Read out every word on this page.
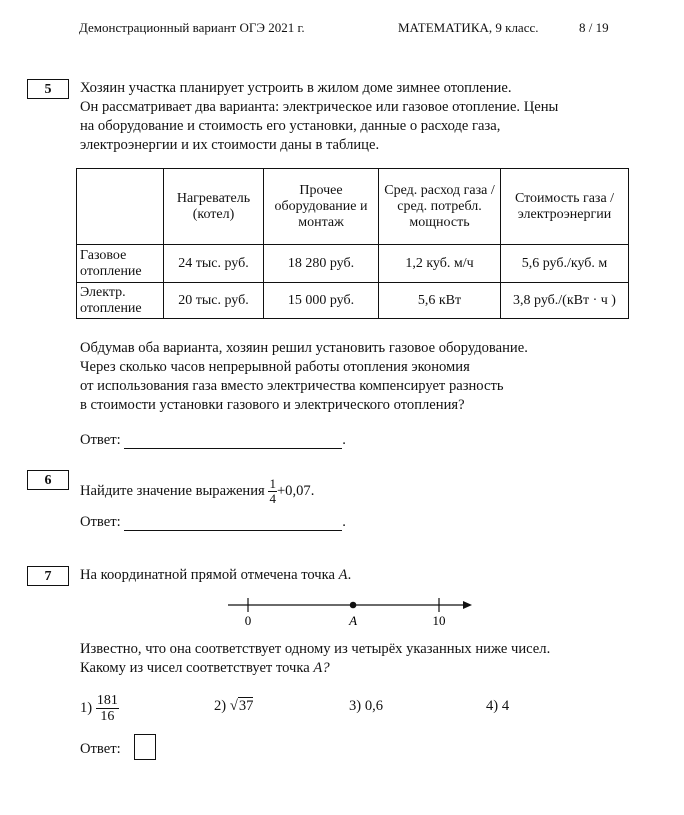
Демонстрационный вариант ОГЭ 2021 г.	МАТЕМАТИКА, 9 класс.	8 / 19
5	Хозяин участка планирует устроить в жилом доме зимнее отопление.
Он рассматривает два варианта: электрическое или газовое отопление. Цены
на оборудование и стоимость его установки, данные о расходе газа,
электроэнергии и их стоимости даны в таблице.
	Нагреватель (котел)	Прочее оборудование и монтаж	Сред. расход газа / сред. потребл. мощность	Стоимость газа / электроэнергии
Газовое отопление	24 тыс. руб.	18 280 руб.	1,2 куб. м/ч	5,6 руб./куб. м
Электр. отопление	20 тыс. руб.	15 000 руб.	5,6 кВт	3,8 руб./(кВт · ч )
Обдумав оба варианта, хозяин решил установить газовое оборудование.
Через сколько часов непрерывной работы отопления экономия
от использования газа вместо электричества компенсирует разность
в стоимости установки газового и электрического отопления?
Ответ:	.
6
Найдите значение выражения $\frac{1}{4} +0,07$.
Ответ:	.
7	На координатной прямой отмечена точка A.
0	10
A
Известно, что она соответствует одному из четырёх указанных ниже чисел.
Какому из чисел соответствует точка A?
$1) \frac{181}{16}$	2) √37	3) 0,6	4) 4
Ответ:
